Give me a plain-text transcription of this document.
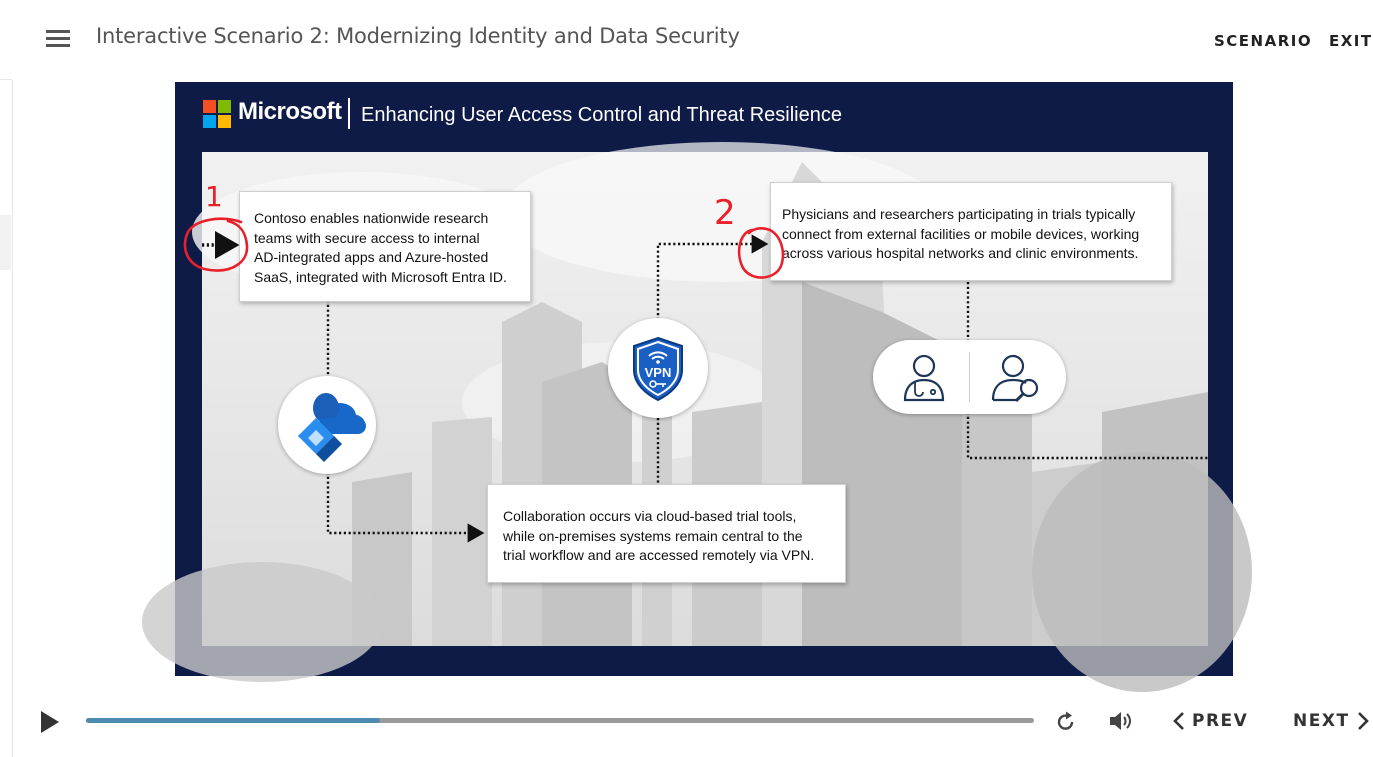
Interactive Scenario 2: Modernizing Identity and Data Security	SCENARIO EXIT
Microsoft Enhancing User Access Control and Threat Resilience
Contoso enables nationwide research
teams with secure access to internal
AD-integrated apps and Azure-hosted
SaaS, integrated with Microsoft Entra ID.
Physicians and researchers participating in trials typically
connect from external facilities or mobile devices, working
across various hospital networks and clinic environments.
Collaboration occurs via cloud-based trial tools,
while on-premises systems remain central to the
trial workflow and are accessed remotely via VPN.
VPN
1	2
PREV	NEXT
